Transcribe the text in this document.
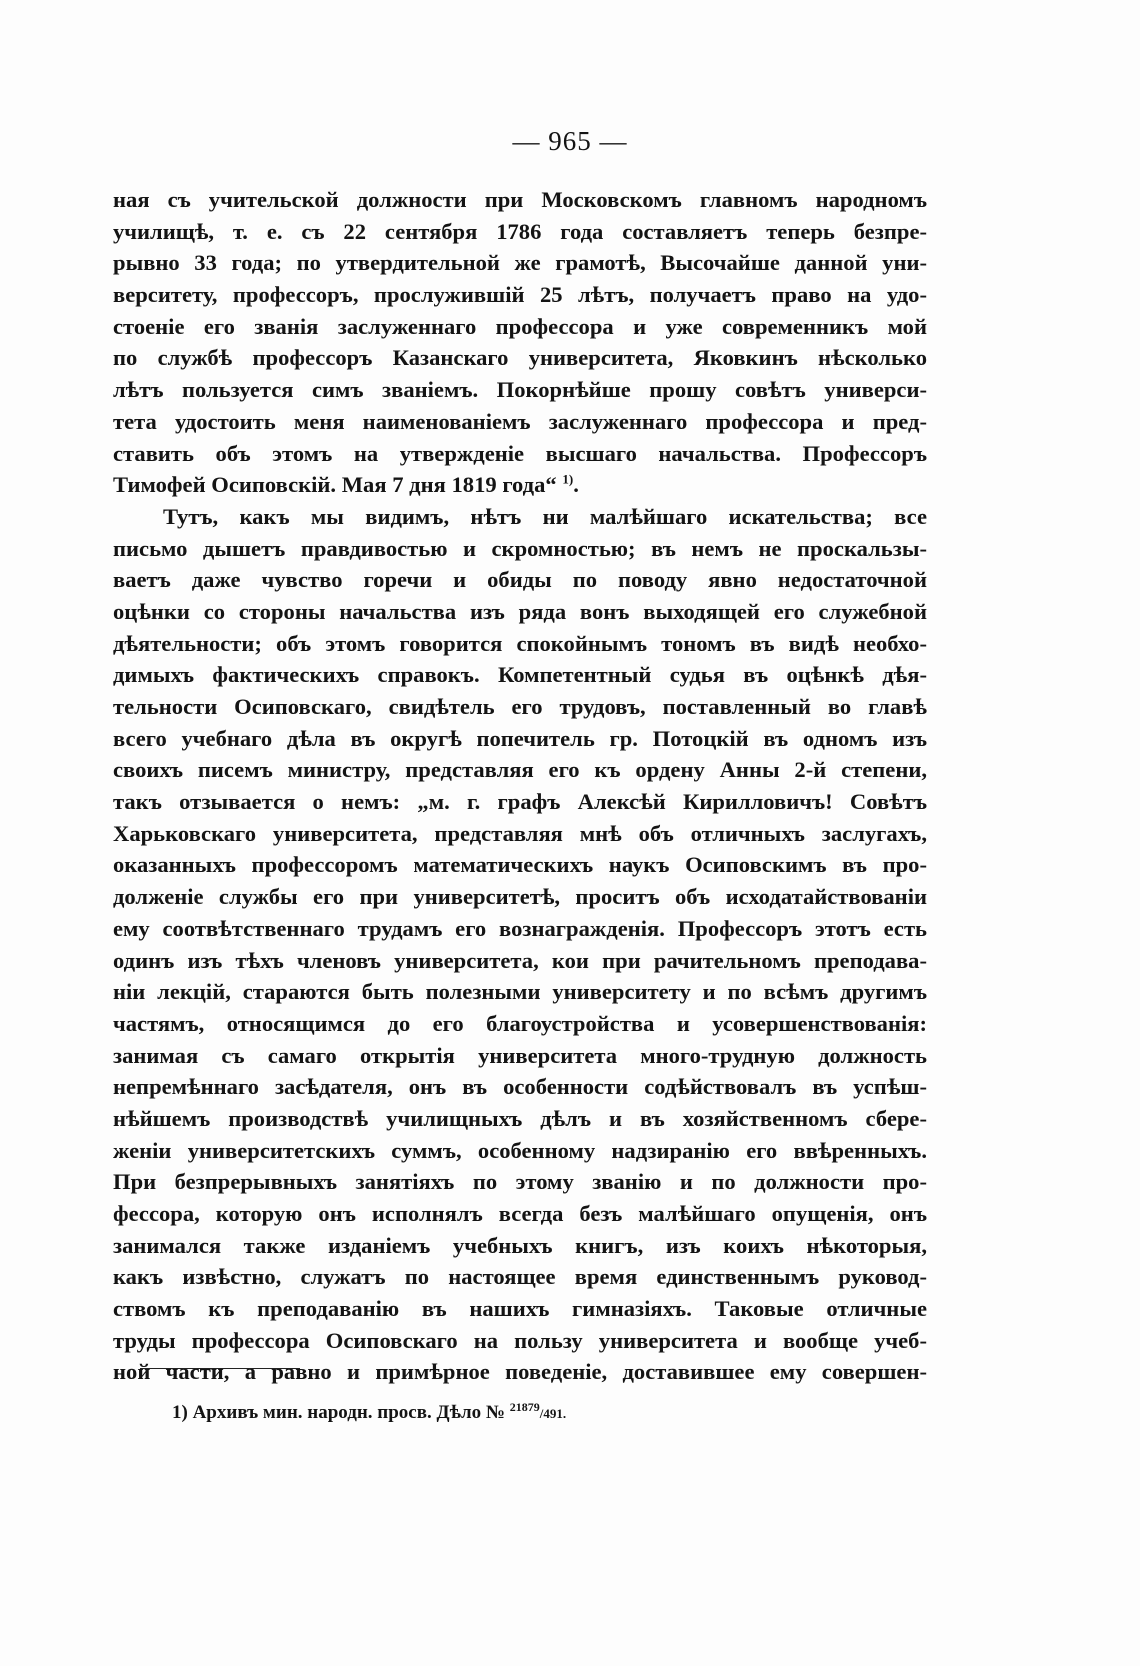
— 965 —
ная съ учительской должности при Московскомъ главномъ народномъ
училищѣ, т. е. съ 22 сентября 1786 года составляетъ теперь безпре-
рывно 33 года; по утвердительной же грамотѣ, Высочайше данной уни-
верситету, профессоръ, прослужившій 25 лѣтъ, получаетъ право на удо-
стоеніе его званія заслуженнаго профессора и уже современникъ мой
по службѣ профессоръ Казанскаго университета, Яковкинъ нѣсколько
лѣтъ пользуется симъ званіемъ. Покорнѣйше прошу совѣтъ универси-
тета удостоить меня наименованіемъ заслуженнаго профессора и пред-
ставить объ этомъ на утвержденіе высшаго начальства. Профессоръ
Тимофей Осиповскій. Мая 7 дня 1819 года“ $^{1)}$.
Тутъ, какъ мы видимъ, нѣтъ ни малѣйшаго искательства; все
письмо дышетъ правдивостью и скромностью; въ немъ не проскальзы-
ваетъ даже чувство горечи и обиды по поводу явно недостаточной
оцѣнки со стороны начальства изъ ряда вонъ выходящей его служебной
дѣятельности; объ этомъ говорится спокойнымъ тономъ въ видѣ необхо-
димыхъ фактическихъ справокъ. Компетентный судья въ оцѣнкѣ дѣя-
тельности Осиповскаго, свидѣтель его трудовъ, поставленный во главѣ
всего учебнаго дѣла въ округѣ попечитель гр. Потоцкій въ одномъ изъ
своихъ писемъ министру, представляя его къ ордену Анны 2-й степени,
такъ отзывается о немъ: „м. г. графъ Алексѣй Кирилловичъ! Совѣтъ
Харьковскаго университета, представляя мнѣ объ отличныхъ заслугахъ,
оказанныхъ профессоромъ математическихъ наукъ Осиповскимъ въ про-
долженіе службы его при университетѣ, проситъ объ исходатайствованіи
ему соотвѣтственнаго трудамъ его вознагражденія. Профессоръ этотъ есть
одинъ изъ тѣхъ членовъ университета, кои при рачительномъ преподава-
ніи лекцій, стараются быть полезными университету и по всѣмъ другимъ
частямъ, относящимся до его благоустройства и усовершенствованія:
занимая съ самаго открытія университета много-трудную должность
непремѣннаго засѣдателя, онъ въ особенности содѣйствовалъ въ успѣш-
нѣйшемъ производствѣ училищныхъ дѣлъ и въ хозяйственномъ сбере-
женіи университетскихъ суммъ, особенному надзиранію его ввѣренныхъ.
При безпрерывныхъ занятіяхъ по этому званію и по должности про-
фессора, которую онъ исполнялъ всегда безъ малѣйшаго опущенія, онъ
занимался также изданіемъ учебныхъ книгъ, изъ коихъ нѣкоторыя,
какъ извѣстно, служатъ по настоящее время единственнымъ руковод-
ствомъ къ преподаванію въ нашихъ гимназіяхъ. Таковые отличные
труды профессора Осиповскаго на пользу университета и вообще учеб-
ной части, а равно и примѣрное поведеніе, доставившее ему совершен-
1) Архивъ мин. народн. просв. Дѣло № $^{21879}$/491.
